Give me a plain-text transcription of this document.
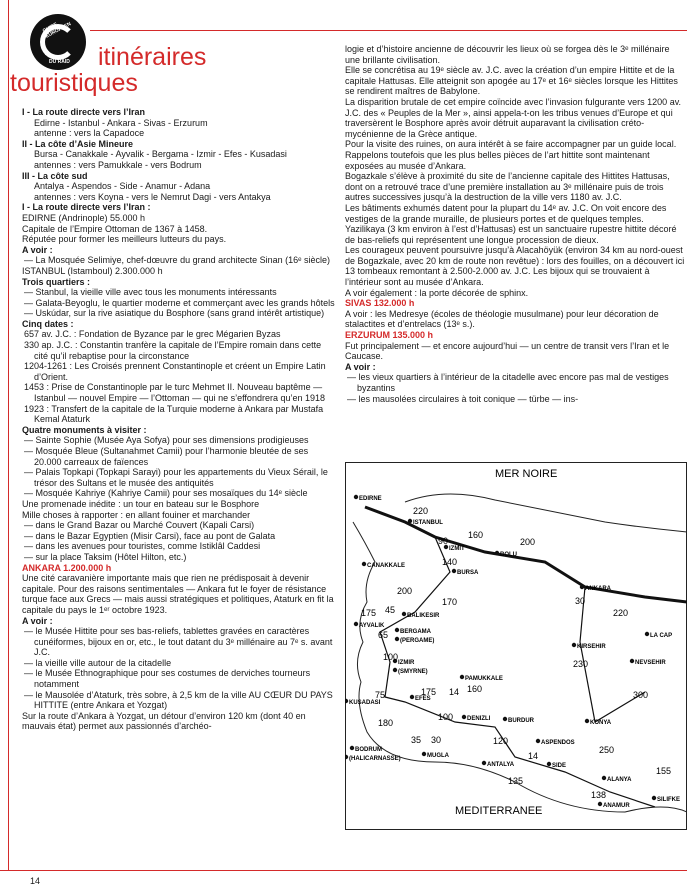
GUIDE EUROPÉEN
DU RAID	itinéraires
touristiques

I - La route directe vers l’Iran

Edirne - Istanbul - Ankara - Sivas - Erzurum

antenne : vers la Capadoce

II - La côte d’Asie Mineure

Bursa - Canakkale - Ayvalik - Bergama - Izmir - Efes - Kusadasi

antennes : vers Pamukkale - vers Bodrum

III - La côte sud

Antalya - Aspendos - Side - Anamur - Adana

antennes : vers Koyna - vers le Nemrut Dagi - vers Antakya

I - La route directe vers l’Iran :

EDIRNE (Andrinople) 55.000 h

Capitale de l’Empire Ottoman de 1367 à 1458.

Réputée pour former les meilleurs lutteurs du pays.

A voir :

— La Mosquée Selimiye, chef-dœuvre du grand architecte Sinan (16ᵉ siècle)

ISTANBUL (Istamboul) 2.300.000 h

Trois quartiers :

— Stanbul, la vieille ville avec tous les monuments intéressants

— Galata-Beyoglu, le quartier moderne et commerçant avec les grands hôtels

— Uskúdar, sur la rive asiatique du Bosphore (sans grand intérêt artistique)

Cinq dates :

657 av. J.C. : Fondation de Byzance par le grec Mégarien Byzas

330 ap. J.C. : Constantin tranfère la capitale de l’Empire romain dans cette cité qu’il rebaptise pour la circonstance

1204-1261 : Les Croisés prennent Constantinople et créent un Empire Latin d’Orient.

1453 : Prise de Constantinople par le turc Mehmet II. Nouveau baptême — Istanbul — nouvel Empire — l’Ottoman — qui ne s’effondrera qu’en 1918

1923 : Transfert de la capitale de la Turquie moderne à Ankara par Mustafa Kemal Ataturk

Quatre monuments à visiter :

— Sainte Sophie (Musée Aya Sofya) pour ses dimensions prodigieuses

— Mosquée Bleue (Sultanahmet Camii) pour l’harmonie bleutée de ses 20.000 carreaux de faïences

— Palais Topkapi (Topkapi Sarayi) pour les appartements du Vieux Sérail, le trésor des Sultans et le musée des antiquités

— Mosquée Kahriye (Kahriye Camii) pour ses mosaïques du 14ᵉ siècle

Une promenade inédite : un tour en bateau sur le Bosphore

Mille choses à rapporter : en allant fouiner et marchander

— dans le Grand Bazar ou Marché Couvert (Kapali Carsi)

— dans le Bazar Egyptien (Misir Carsi), face au pont de Galata

— dans les avenues pour touristes, comme Istiklâl Caddesi

— sur la place Taksim (Hôtel Hilton, etc.)

ANKARA 1.200.000 h

Une cité caravanière importante mais que rien ne prédisposait à devenir capitale. Pour des raisons sentimentales — Ankara fut le foyer de résistance turque face aux Grecs — mais aussi stratégiques et politiques, Ataturk en fit la capitale du pays le 1ᵉʳ octobre 1923.

A voir :

— le Musée Hittite pour ses bas-reliefs, tablettes gravées en caractères cunéiformes, bijoux en or, etc., le tout datant du 3ᵉ millénaire au 7ᵉ s. avant J.C.

— la vieille ville autour de la citadelle

— le Musée Ethnographique pour ses costumes de derviches tourneurs notamment

— le Mausolée d’Ataturk, très sobre, à 2,5 km de la ville AU CŒUR DU PAYS HITTITE (entre Ankara et Yozgat)

Sur la route d’Ankara à Yozgat, un détour d’environ 120 km (dont 40 en mauvais état) permet aux passionnés d’archéo-

logie et d’histoire ancienne de découvrir les lieux où se forgea dès le 3ᵉ millénaire une brillante civilisation.

Elle se concrétisa au 19ᵉ siècle av. J.C. avec la création d’un empire Hittite et de la capitale Hattusas. Elle atteignit son apogée au 17ᵉ et 16ᵉ siècles lorsque les Hittites se rendirent maîtres de Babylone.

La disparition brutale de cet empire coïncide avec l’invasion fulgurante vers 1200 av. J.C. des « Peuples de la Mer », ainsi appela-t-on les tribus venues d’Europe et qui traversèrent le Bosphore après avoir détruit auparavant la civilisation créto-mycénienne de la Grèce antique.

Pour la visite des ruines, on aura intérêt à se faire accompagner par un guide local. Rappelons toutefois que les plus belles pièces de l’art hittite sont maintenant exposées au musée d’Ankara.

Bogazkale s’élève à proximité du site de l’ancienne capitale des Hittites Hattusas, dont on a retrouvé trace d’une première installation au 3ᵉ millénaire puis de trois autres successives jusqu’à la destruction de la ville vers 1180 av. J.C.

Les bâtiments exhumés datent pour la plupart du 14ᵉ av. J.C. On voit encore des vestiges de la grande muraille, de plusieurs portes et de quelques temples.

Yazilikaya (3 km environ à l’est d’Hattusas) est un sanctuaire rupestre hittite décoré de bas-reliefs qui représentent une longue procession de dieux.

Les courageux peuvent poursuivre jusqu’à Alacahöyük (environ 34 km au nord-ouest de Bogazkale, avec 20 km de route non revêtue) : lors des fouilles, on a découvert ici 13 tombeaux remontant à 2.500-2.000 av. J.C. Les bijoux qui se trouvaient à l’intérieur sont au musée d’Ankara.

A voir également : la porte décorée de sphinx.

SIVAS 132.000 h

A voir : les Medresye (écoles de théologie musulmane) pour leur décoration de stalactites et d’entrelacs (13ᵉ s.).

ERZURUM 135.000 h

Fut principalement — et encore aujourd’hui — un centre de transit vers l’Iran et le Caucase.

A voir :

— les vieux quartiers à l’intérieur de la citadelle avec encore pas mal de vestiges byzantins

— les mausolées circulaires à toit conique — türbe — ins-

EDIRNE
ISTANBUL
IZMIT
BOLU
CANAKKALE
BURSA
ANKARA
BALIKESIR
AYVALIK
BERGAMA
(PERGAME)
IZMIR
(SMYRNE)
KIRSEHIR
LA CAP
NEVSEHIR
PAMUKKALE
KUSADASI
EFES
DENIZLI	BURDUR	KONYA
BODRUM
(HALICARNASSE)	MUGLA
ASPENDOS
ANTALYA	SIDE
ALANYA
SILIFKE
ANAMUR
220
90
160
200
140
200
170
175 45
65
100
30
220
230
75	175 14 160
300
180
100
35 30	120
250
14
155
135
138
MER NOIRE
MEDITERRANEE
14
